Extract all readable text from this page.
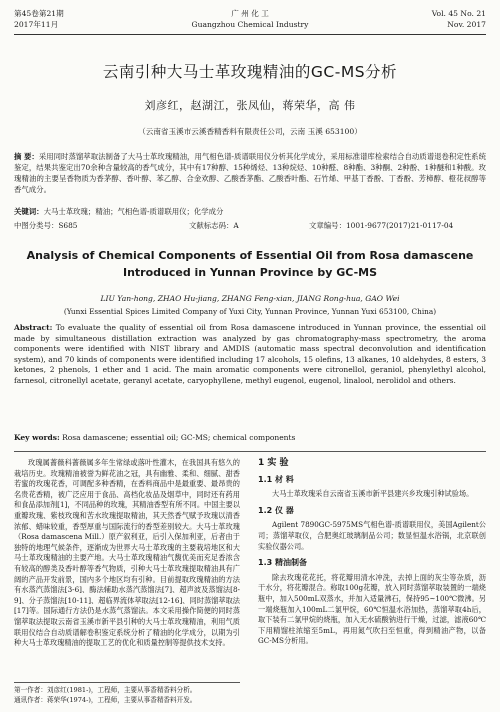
第45卷第21期
2017年11月
广 州 化 工
Guangzhou Chemical Industry
Vol. 45 No. 21
Nov. 2017
云南引种大马士革玫瑰精油的GC-MS分析
刘彦红，赵湖江，张凤仙，蒋荣华，高 伟
（云南省玉溪市云溪香精香料有限责任公司，云南 玉溪 653100）
摘 要：采用同时蒸馏萃取法制备了大马士革玫瑰精油，用气相色谱-质谱联用仪分析其化学成分，采用标准谱库检索结合自动质谱退卷积定性系统鉴定，结果共鉴定出70余种含量较高的香气成分，其中有17种醇、15种烯烃、13种烷烃、10种醛、8种酯、3种酮、2种酚、1种醚和1种酸。玫瑰精油的主要呈香物质为香茅醇、香叶醇、苯乙醇、合金欢醇、乙酸香茅酯、乙酸香叶酯、石竹烯、甲基丁香酚、丁香酚、芳樟醇、橙花叔醇等香气成分。
关键词：大马士革玫瑰；精油；气相色谱-质谱联用仪；化学成分
中图分类号：S685	文献标志码：A	文章编号：1001-9677(2017)21-0117-04
Analysis of Chemical Components of Essential Oil from Rosa damascene
Introduced in Yunnan Province by GC-MS
LIU Yan-hong, ZHAO Hu-jiang, ZHANG Feng-xian, JIANG Rong-hua, GAO Wei
(Yunxi Essential Spices Limited Company of Yuxi City, Yunnan Province, Yunnan Yuxi 653100, China)
Abstract: To evaluate the quality of essential oil from Rosa damascene introduced in Yunnan province, the essential oil made by simultaneous distillation extraction was analyzed by gas chromatography-mass spectrometry, the aroma components were identified with NIST library and AMDIS (automatic mass spectral deconvolution and identification system), and 70 kinds of components were identified including 17 alcohols, 15 olefins, 13 alkanes, 10 aldehydes, 8 esters, 3 ketones, 2 phenols, 1 ether and 1 acid. The main aromatic components were citronellol, geraniol, phenylethyl alcohol, farnesol, citronellyl acetate, geranyl acetate, caryophyllene, methyl eugenol, eugenol, linalool, nerolidol and others.
Key words: Rosa damascene; essential oil; GC-MS; chemical components

玫瑰属蔷薇科蔷薇属多年生常绿或落叶性灌木，在我国具有悠久的栽培历史。玫瑰精油被誉为鲜花油之冠，具有幽雅、柔和、细腻、甜香若蜜的玫瑰花香，可调配多种香精，在香料商品中是最重要、最昂贵的名贵花香精，被广泛应用于食品、高档化妆品及烟草中，同时还有药用和食品添加剂[1]，不同品种的玫瑰，其精油香型有所不同。中国主要以重瓣玫瑰、紫枝玫瑰和苦水玫瑰提取精油，其天然香气赋予玫瑰以清香浓郁、蜡味较重，香型厚重与国际流行的香型差别较大。大马士革玫瑰（Rosa damascena Mill.）原产叙利亚，后引入保加利亚，后者由于独特的地理气候条件，逐渐成为世界大马士革玫瑰的主要栽培地区和大马士革玫瑰精油的主要产地。大马士革玫瑰精油气馥优美而充足香浓含有较高的醇类及香叶醇等香气物质，引种大马士革玫瑰提取精油具有广阔的产品开发前景，国内多个地区均有引种。目前提取玫瑰精油的方法有水蒸汽蒸馏法[3-6]、酶法辅助水蒸汽蒸馏法[7]、超声波及蒸馏法[8-9]、分子蒸馏法[10-11]、超临界流体萃取法[12-16]、同时蒸馏萃取法[17]等。国际通行方法仍是水蒸气蒸馏法。本文采用操作简便的同时蒸馏萃取法提取云南省玉溪市新平县引种的大马士革玫瑰精油，利用气质联用仪结合自动质谱解卷积鉴定系统分析了精油的化学成分，以期为引种大马士革玫瑰精油的提取工艺的优化和质量控制等提供技术支持。

1 实 验
1.1 材 料

大马士革玫瑰采自云南省玉溪市新平县建兴乡玫瑰引种试验场。

1.2 仪 器

Agilent 7890GC-5975MS气相色谱-质谱联用仪，美国Agilent公司；蒸馏萃取仪，合肥奥红玻璃制品公司；数显恒温水浴锅，北京联创实验仪器公司。

1.3 精油制备

除去玫瑰花花托，将花瓣用清水冲洗，去掉上面的灰尘等杂质，沥干水分，将花瓣混合。称取100g花瓣，放入同时蒸馏萃取装置的一端烧瓶中，加入500mL双蒸水，并加入适量沸石，保持95~100℃微沸。另一端烧瓶加入100mL二氯甲烷，60℃恒温水浴加热，蒸馏萃取4h后，取下装有二氯甲烷的烧瓶，加入无水硫酸钠进行干燥，过滤，滤液60℃下用精馏柱浓缩至5mL，再用氮气吹扫至恒重，得到精油产物，以备GC-MS分析用。

第一作者：刘彦红(1981-)，工程师，主要从事香精香料分析。
通讯作者：蒋荣华(1974-)，工程师，主要从事香精香料开发。
